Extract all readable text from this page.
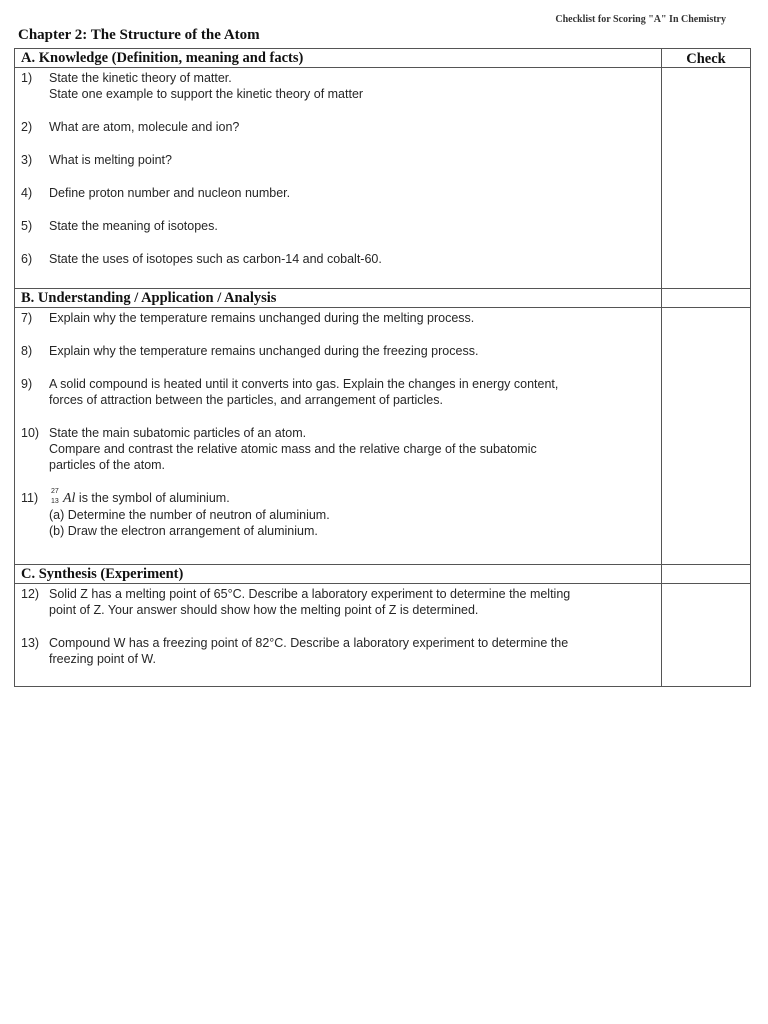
Checklist for Scoring "A" In Chemistry
Chapter 2: The Structure of the Atom
A. Knowledge (Definition, meaning and facts)	Check
1)	State the kinetic theory of matter.
State one example to support the kinetic theory of matter
2)	What are atom, molecule and ion?
3)	What is melting point?
4)	Define proton number and nucleon number.
5)	State the meaning of isotopes.
6)	State the uses of isotopes such as carbon-14 and cobalt-60.
B. Understanding / Application / Analysis
7)	Explain why the temperature remains unchanged during the melting process.
8)	Explain why the temperature remains unchanged during the freezing process.
9)	A solid compound is heated until it converts into gas. Explain the changes in energy content,
forces of attraction between the particles, and arrangement of particles.
10) State the main subatomic particles of an atom.
Compare and contrast the relative atomic mass and the relative charge of the subatomic
particles of the atom.
11)	27
13 Al is the symbol of aluminium.
(a) Determine the number of neutron of aluminium.
(b) Draw the electron arrangement of aluminium.
C. Synthesis (Experiment)
12) Solid Z has a melting point of 65°C. Describe a laboratory experiment to determine the melting
point of Z. Your answer should show how the melting point of Z is determined.
13) Compound W has a freezing point of 82°C. Describe a laboratory experiment to determine the
freezing point of W.
